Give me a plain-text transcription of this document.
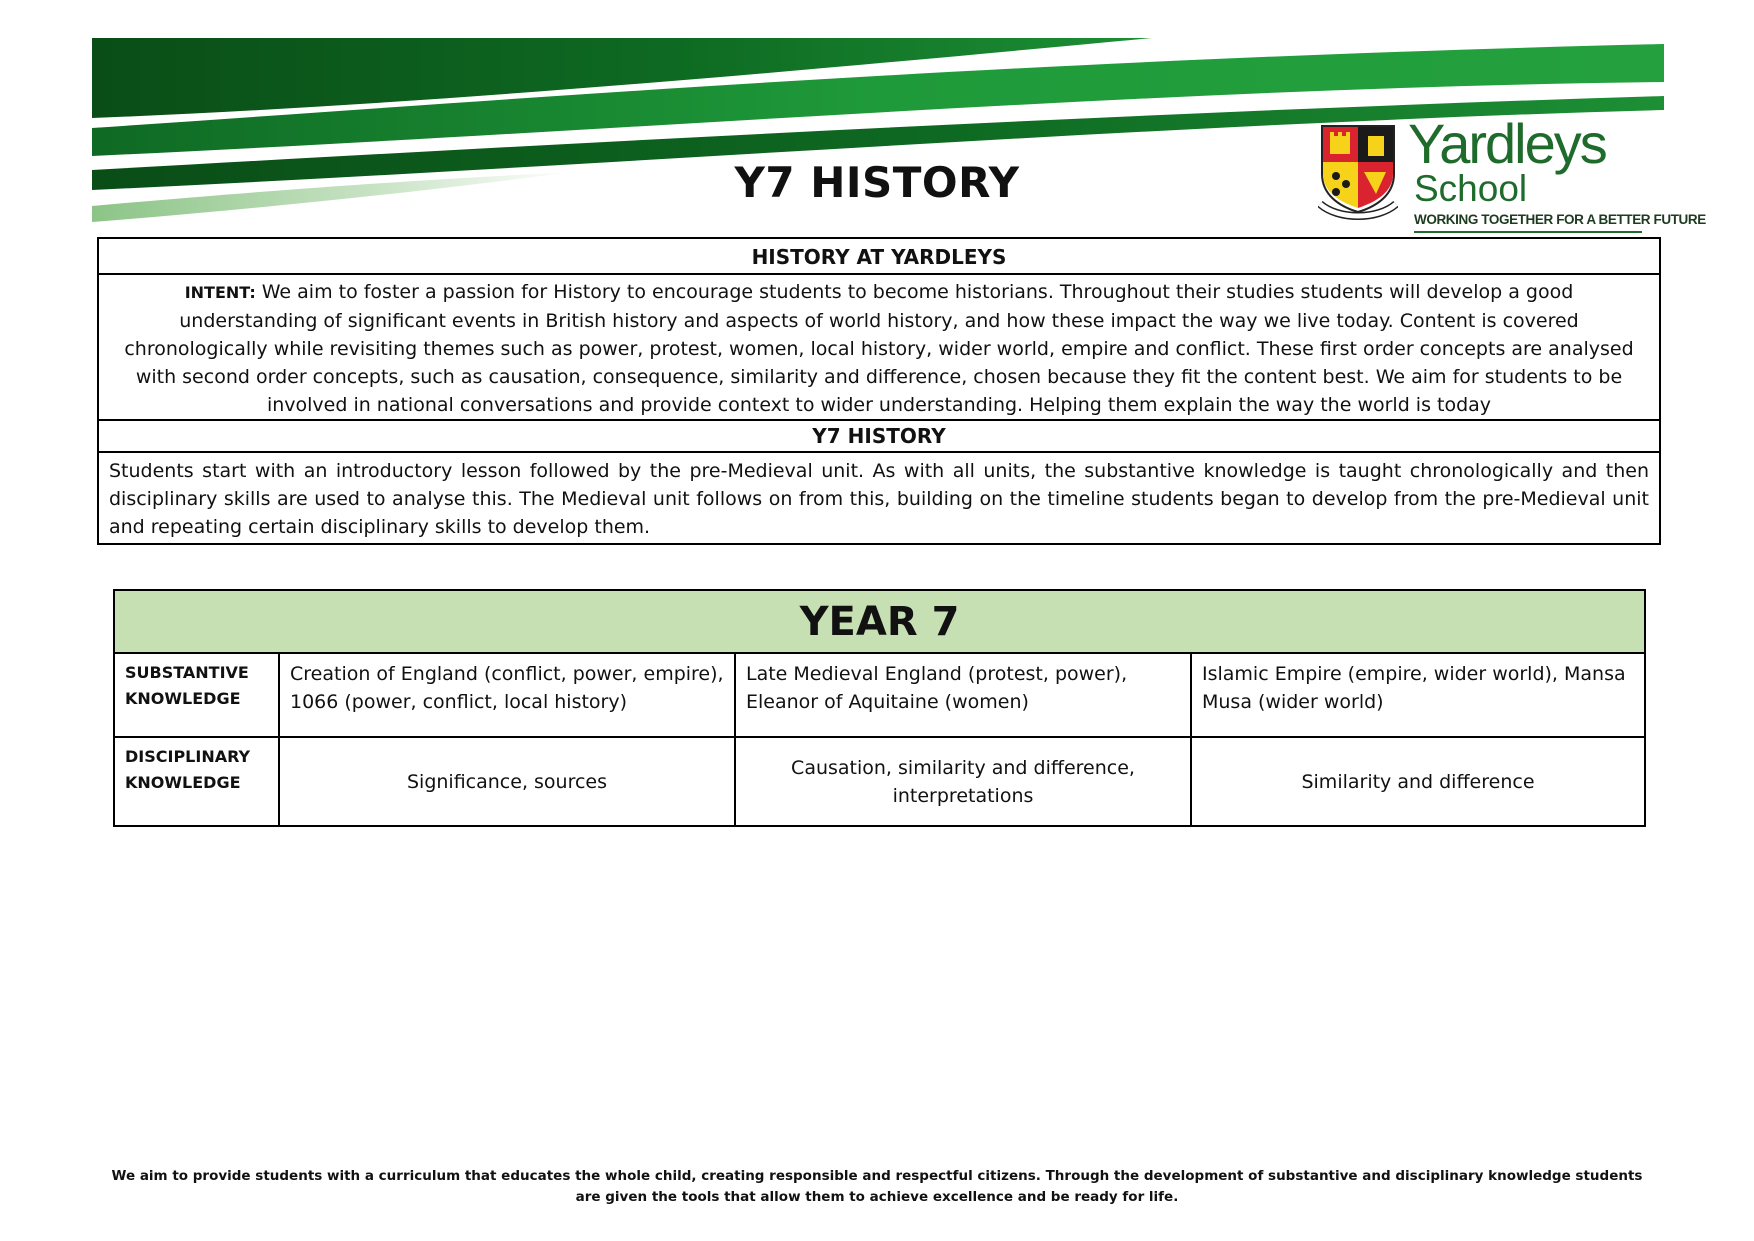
Y7 HISTORY
Yardleys
School
WORKING TOGETHER FOR A BETTER FUTURE
HISTORY AT YARDLEYS
INTENT: We aim to foster a passion for History to encourage students to become historians. Throughout their studies students will develop a good understanding of significant events in British history and aspects of world history, and how these impact the way we live today. Content is covered chronologically while revisiting themes such as power, protest, women, local history, wider world, empire and conflict. These first order concepts are analysed with second order concepts, such as causation, consequence, similarity and difference, chosen because they fit the content best. We aim for students to be involved in national conversations and provide context to wider understanding. Helping them explain the way the world is today
Y7 HISTORY
Students start with an introductory lesson followed by the pre-Medieval unit. As with all units, the substantive knowledge is taught chronologically and then disciplinary skills are used to analyse this. The Medieval unit follows on from this, building on the timeline students began to develop from the pre-Medieval unit and repeating certain disciplinary skills to develop them.
YEAR 7
SUBSTANTIVE KNOWLEDGE
Creation of England (conflict, power, empire), 1066 (power, conflict, local history)
Late Medieval England (protest, power), Eleanor of Aquitaine (women)
Islamic Empire (empire, wider world), Mansa Musa (wider world)
DISCIPLINARY KNOWLEDGE	Significance, sources
Causation, similarity and difference, interpretations
Similarity and difference
We aim to provide students with a curriculum that educates the whole child, creating responsible and respectful citizens. Through the development of substantive and disciplinary knowledge students are given the tools that allow them to achieve excellence and be ready for life.
